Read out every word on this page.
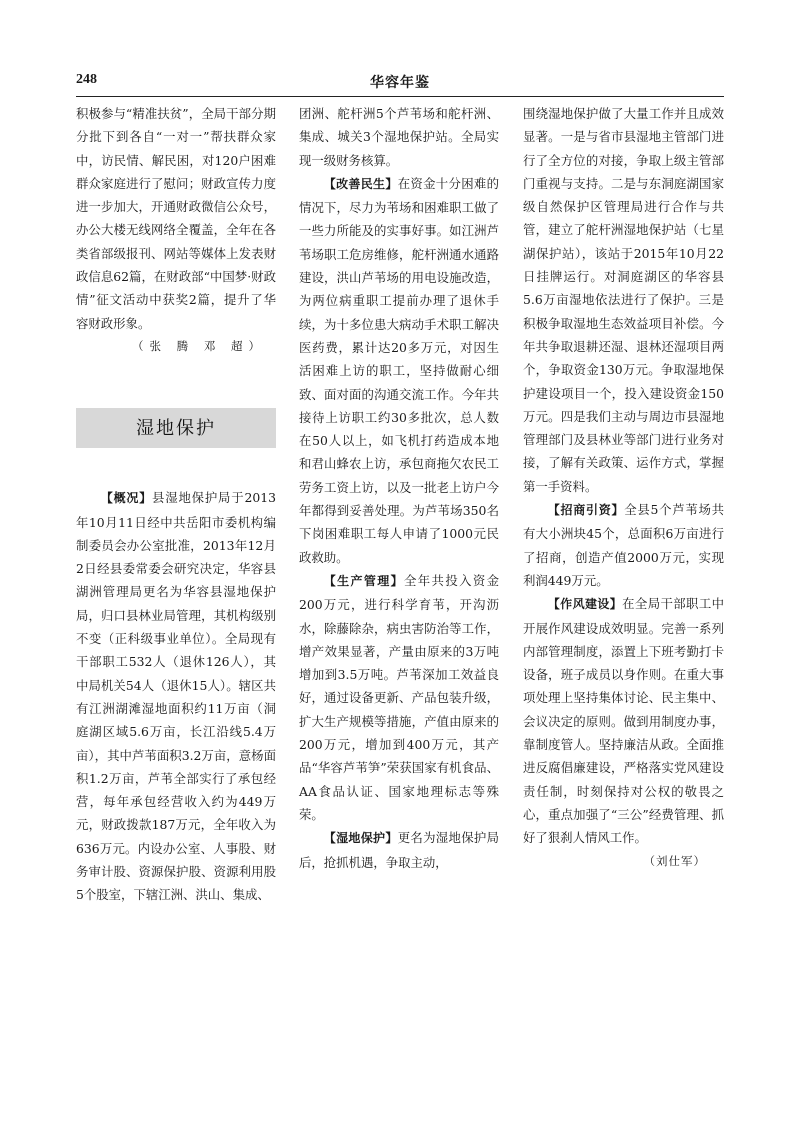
248	华容年鉴

积极参与“精准扶贫”，全局干部分期分批下到各自“一对一”帮扶群众家中，访民情、解民困，对120户困难群众家庭进行了慰问；财政宣传力度进一步加大，开通财政微信公众号，办公大楼无线网络全覆盖，全年在各类省部级报刊、网站等媒体上发表财政信息62篇，在财政部“中国梦·财政情”征文活动中获奖2篇，提升了华容财政形象。

（张 腾 邓 超）

湿地保护

【概况】县湿地保护局于2013年10月11日经中共岳阳市委机构编制委员会办公室批准，2013年12月2日经县委常委会研究决定，华容县湖洲管理局更名为华容县湿地保护局，归口县林业局管理，其机构级别不变（正科级事业单位）。全局现有干部职工532人（退休126人），其中局机关54人（退休15人）。辖区共有江洲湖滩湿地面积约11万亩（洞庭湖区域5.6万亩，长江沿线5.4万亩），其中芦苇面积3.2万亩，意杨面积1.2万亩，芦苇全部实行了承包经营，每年承包经营收入约为449万元，财政拨款187万元，全年收入为636万元。内设办公室、人事股、财务审计股、资源保护股、资源利用股5个股室，下辖江洲、洪山、集成、

团洲、舵杆洲5个芦苇场和舵杆洲、集成、城关3个湿地保护站。全局实现一级财务核算。

【改善民生】在资金十分困难的情况下，尽力为苇场和困难职工做了一些力所能及的实事好事。如江洲芦苇场职工危房维修，舵杆洲通水通路建设，洪山芦苇场的用电设施改造，为两位病重职工提前办理了退休手续，为十多位患大病动手术职工解决医药费，累计达20多万元，对因生活困难上访的职工，坚持做耐心细致、面对面的沟通交流工作。今年共接待上访职工约30多批次，总人数在50人以上，如飞机打药造成本地和君山蜂农上访，承包商拖欠农民工劳务工资上访，以及一批老上访户今年都得到妥善处理。为芦苇场350名下岗困难职工每人申请了1000元民政救助。

【生产管理】全年共投入资金200万元，进行科学育苇，开沟沥水，除藤除杂，病虫害防治等工作，增产效果显著，产量由原来的3万吨增加到3.5万吨。芦苇深加工效益良好，通过设备更新、产品包装升级，扩大生产规模等措施，产值由原来的200万元，增加到400万元，其产品“华容芦苇笋”荣获国家有机食品、AA食品认证、国家地理标志等殊荣。

【湿地保护】更名为湿地保护局后，抢抓机遇，争取主动，

围绕湿地保护做了大量工作并且成效显著。一是与省市县湿地主管部门进行了全方位的对接，争取上级主管部门重视与支持。二是与东洞庭湖国家级自然保护区管理局进行合作与共管，建立了舵杆洲湿地保护站（七星湖保护站），该站于2015年10月22日挂牌运行。对洞庭湖区的华容县5.6万亩湿地依法进行了保护。三是积极争取湿地生态效益项目补偿。今年共争取退耕还湿、退林还湿项目两个，争取资金130万元。争取湿地保护建设项目一个，投入建设资金150万元。四是我们主动与周边市县湿地管理部门及县林业等部门进行业务对接，了解有关政策、运作方式，掌握第一手资料。

【招商引资】全县5个芦苇场共有大小洲块45个，总面积6万亩进行了招商，创造产值2000万元，实现利润449万元。

【作风建设】在全局干部职工中开展作风建设成效明显。完善一系列内部管理制度，添置上下班考勤打卡设备，班子成员以身作则。在重大事项处理上坚持集体讨论、民主集中、会议决定的原则。做到用制度办事，靠制度管人。坚持廉洁从政。全面推进反腐倡廉建设，严格落实党风建设责任制，时刻保持对公权的敬畏之心，重点加强了“三公”经费管理、抓好了狠刹人情风工作。

（刘仕军）
